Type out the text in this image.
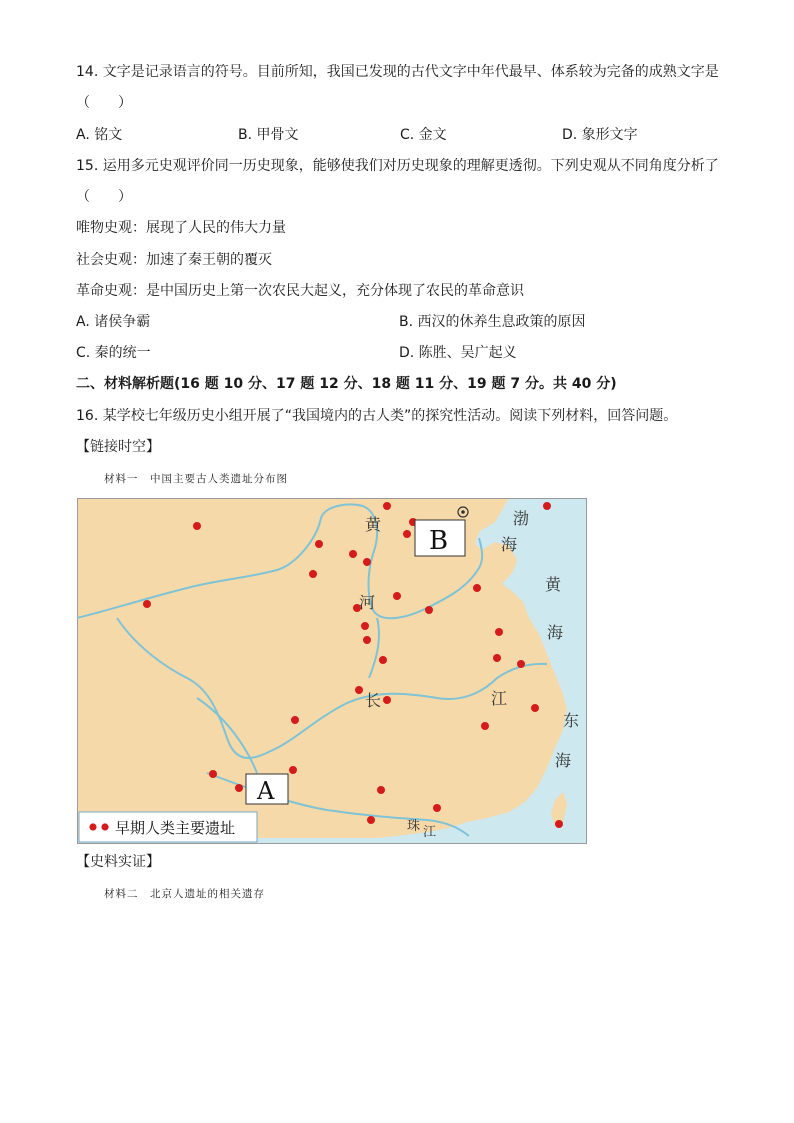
14. 文字是记录语言的符号。目前所知，我国已发现的古代文字中年代最早、体系较为完备的成熟文字是
（　　）
A. 铭文	B. 甲骨文	C. 金文	D. 象形文字
15. 运用多元史观评价同一历史现象，能够使我们对历史现象的理解更透彻。下列史观从不同角度分析了
（　　）
唯物史观：展现了人民的伟大力量
社会史观：加速了秦王朝的覆灭
革命史观：是中国历史上第一次农民大起义，充分体现了农民的革命意识
A. 诸侯争霸	B. 西汉的休养生息政策的原因
C. 秦的统一	D. 陈胜、吴广起义
二、材料解析题(16 题 10 分、17 题 12 分、18 题 11 分、19 题 7 分。共 40 分)
16. 某学校七年级历史小组开展了“我国境内的古人类”的探究性活动。阅读下列材料，回答问题。
【链接时空】
材料一　中国主要古人类遗址分布图
黄
河
渤
海
黄
海
东
海
长	江
珠 江
B
A
早期人类主要遗址
【史料实证】
材料二　北京人遗址的相关遗存
